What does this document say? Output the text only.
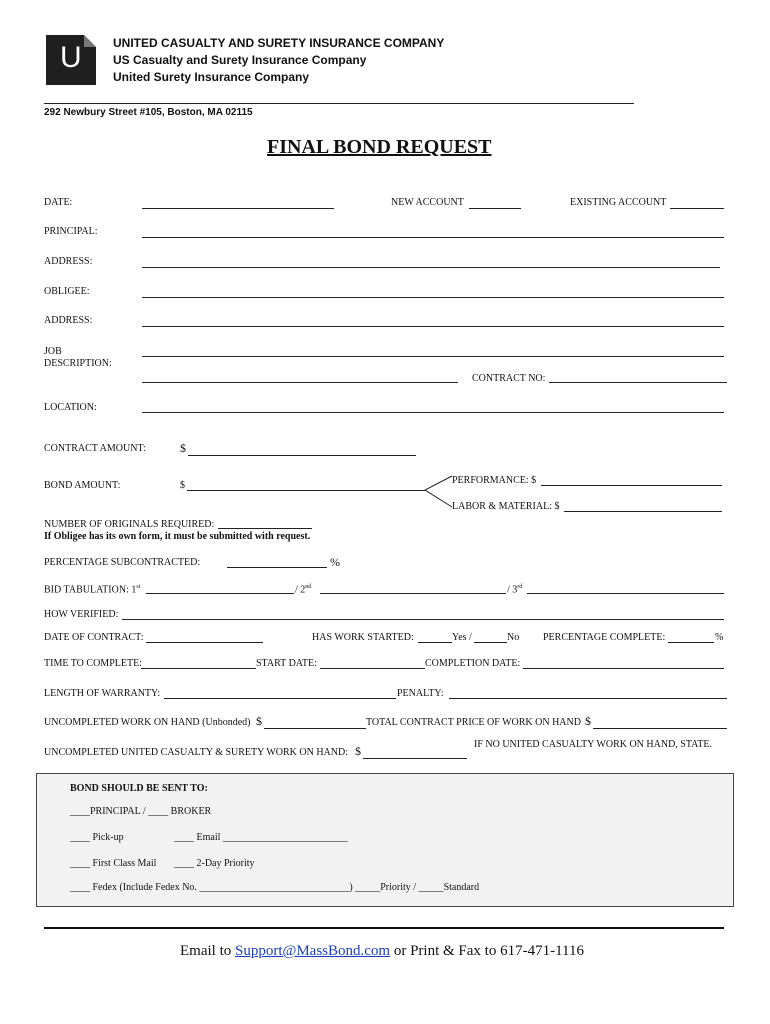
U	UNITED CASUALTY AND SURETY INSURANCE COMPANY
US Casualty and Surety Insurance Company
United Surety Insurance Company
292 Newbury Street #105, Boston, MA 02115
FINAL BOND REQUEST
DATE:	NEW ACCOUNT	EXISTING ACCOUNT
PRINCIPAL:
ADDRESS:
OBLIGEE:
ADDRESS:
JOB
DESCRIPTION:
CONTRACT NO:
LOCATION:
CONTRACT AMOUNT:	$
BOND AMOUNT:	$	PERFORMANCE: $
LABOR & MATERIAL: $
NUMBER OF ORIGINALS REQUIRED:
If Obligee has its own form, it must be submitted with request.
PERCENTAGE SUBCONTRACTED:	%
BID TABULATION: 1st	/ 2nd	/ 3rd
HOW VERIFIED:
DATE OF CONTRACT:	HAS WORK STARTED:	Yes /	No PERCENTAGE COMPLETE:	%
TIME TO COMPLETE:	START DATE:	COMPLETION DATE:
LENGTH OF WARRANTY:	PENALTY:
UNCOMPLETED WORK ON HAND (Unbonded) $	TOTAL CONTRACT PRICE OF WORK ON HAND $
UNCOMPLETED UNITED CASUALTY & SURETY WORK ON HAND: $	IF NO UNITED CASUALTY WORK ON HAND, STATE.
BOND SHOULD BE SENT TO:
____PRINCIPAL / ____ BROKER
____ Pick-up	____ Email _________________________
____ First Class Mail ____ 2-Day Priority
____ Fedex (Include Fedex No. ______________________________) _____Priority / _____Standard
Email to Support@MassBond.com or Print & Fax to 617-471-1116
